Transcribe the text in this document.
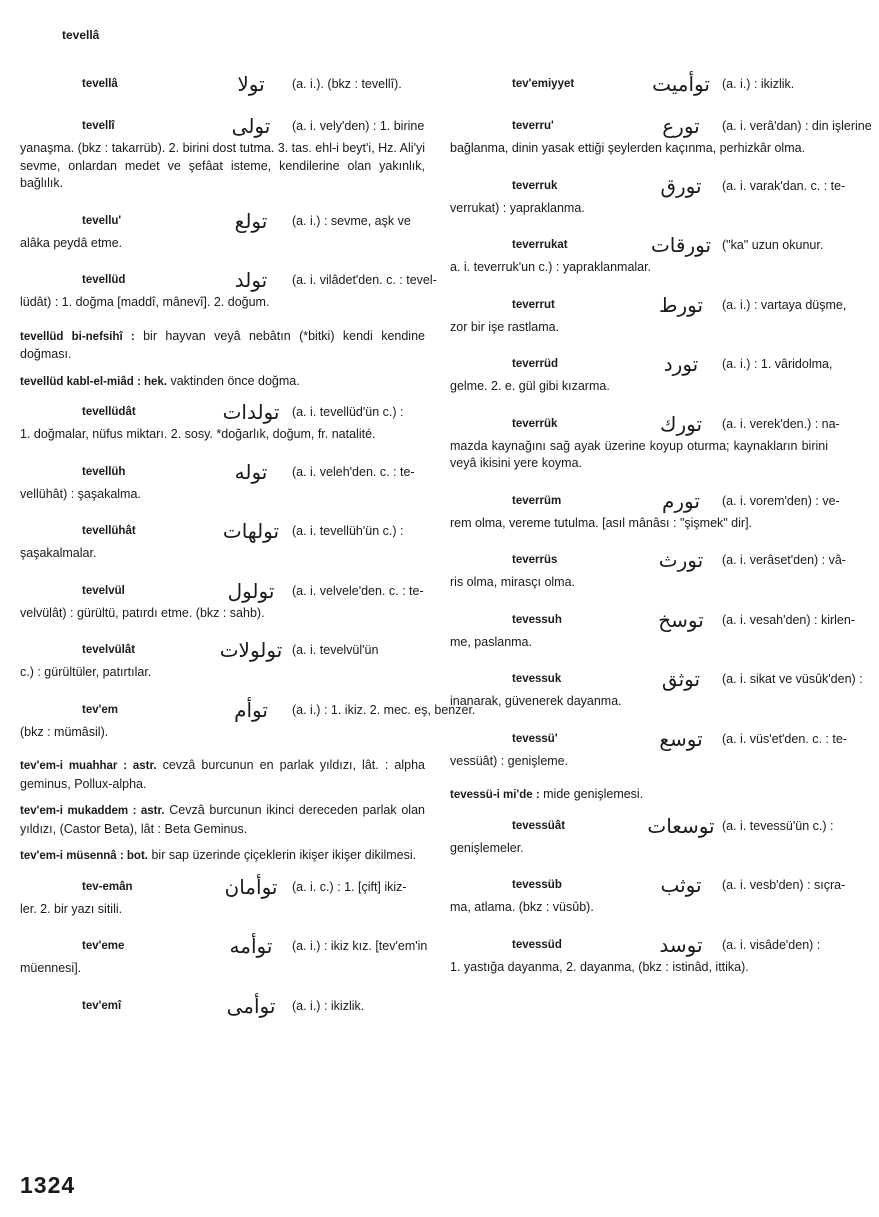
tevellâ
tevellâ	تولا	(a. i.). (bkz : tevellî).
tevellî	تولى	(a. i. vely'den) : 1. birine
yanaşma. (bkz : takarrüb). 2. birini dost tutma. 3. tas. ehl-i beyt'i, Hz. Ali'yi sevme, onlardan medet ve şefâat isteme, kendilerine olan yakınlık, bağlılık.
tevellu'	تولع	(a. i.) : sevme, aşk ve
alâka peydâ etme.
tevellüd	تولد	(a. i. vilâdet'den. c. : tevel-
lüdât) : 1. doğma [maddî, mânevî]. 2. doğum.
tevellüd bi-nefsihî : bir hayvan veyâ nebâtın (*bitki) kendi kendine doğması.
tevellüd kabl-el-miâd : hek. vaktinden önce doğma.
tevellüdât	تولدات	(a. i. tevellüd'ün c.) :
1. doğmalar, nüfus miktarı. 2. sosy. *doğarlık, doğum, fr. natalité.
tevellüh	توله	(a. i. veleh'den. c. : te-
vellühât) : şaşakalma.
tevellühât	تولهات	(a. i. tevellüh'ün c.) :
şaşakalmalar.
tevelvül	تولول	(a. i. velvele'den. c. : te-
velvülât) : gürültü, patırdı etme. (bkz : sahb).
tevelvülât	تولولات (a. i. tevelvül'ün
c.) : gürültüler, patırtılar.
tev'em	توأم	(a. i.) : 1. ikiz. 2. mec. eş, benzer.
(bkz : mümâsil).
tev'em-i muahhar : astr. cevzâ burcunun en parlak yıldızı, lât. : alpha geminus, Pollux-alpha.
tev'em-i mukaddem : astr. Cevzâ burcunun ikinci dereceden parlak olan yıldızı, (Castor Beta), lât : Beta Geminus.
tev'em-i müsennâ : bot. bir sap üzerinde çiçeklerin ikişer ikişer dikilmesi.
tev-emân	توأمان	(a. i. c.) : 1. [çift] ikiz-
ler. 2. bir yazı sitili.
tev'eme	توأمه	(a. i.) : ikiz kız. [tev'em'in
müennesi].
tev'emî	توأمى	(a. i.) : ikizlik.
tev'emiyyet	توأميت (a. i.) : ikizlik.
teverru'	تورع	(a. i. verâ'dan) : din işlerine
bağlanma, dinin yasak ettiği şeylerden kaçınma, perhizkâr olma.
teverruk	تورق	(a. i. varak'dan. c. : te-
verrukat) : yapraklanma.
teverrukat	تورقات ("ka" uzun okunur.
a. i. teverruk'un c.) : yapraklanmalar.
teverrut	تورط	(a. i.) : vartaya düşme,
zor bir işe rastlama.
teverrüd	تورد	(a. i.) : 1. vâridolma,
gelme. 2. e. gül gibi kızarma.
teverrük	تورك	(a. i. verek'den.) : na-
mazda kaynağını sağ ayak üzerine koyup oturma; kaynakların birini veyâ ikisini yere koyma.
teverrüm	تورم	(a. i. vorem'den) : ve-
rem olma, vereme tutulma. [asıl mânâsı : "şişmek" dir].
teverrüs	تورث	(a. i. verâset'den) : vâ-
ris olma, mirasçı olma.
tevessuh	توسخ	(a. i. vesah'den) : kirlen-
me, paslanma.
tevessuk	توثق	(a. i. sikat ve vüsûk'den) :
inanarak, güvenerek dayanma.
tevessü'	توسع	(a. i. vüs'et'den. c. : te-
vessüât) : genişleme.
tevessü-i mi'de : mide genişlemesi.
tevessüât	توسعات (a. i. tevessü'ün c.) :
genişlemeler.
tevessüb	توثب	(a. i. vesb'den) : sıçra-
ma, atlama. (bkz : vüsûb).
tevessüd	توسد	(a. i. visâde'den) :
1. yastığa dayanma, 2. dayanma, (bkz : istinâd, ittika).
1324
